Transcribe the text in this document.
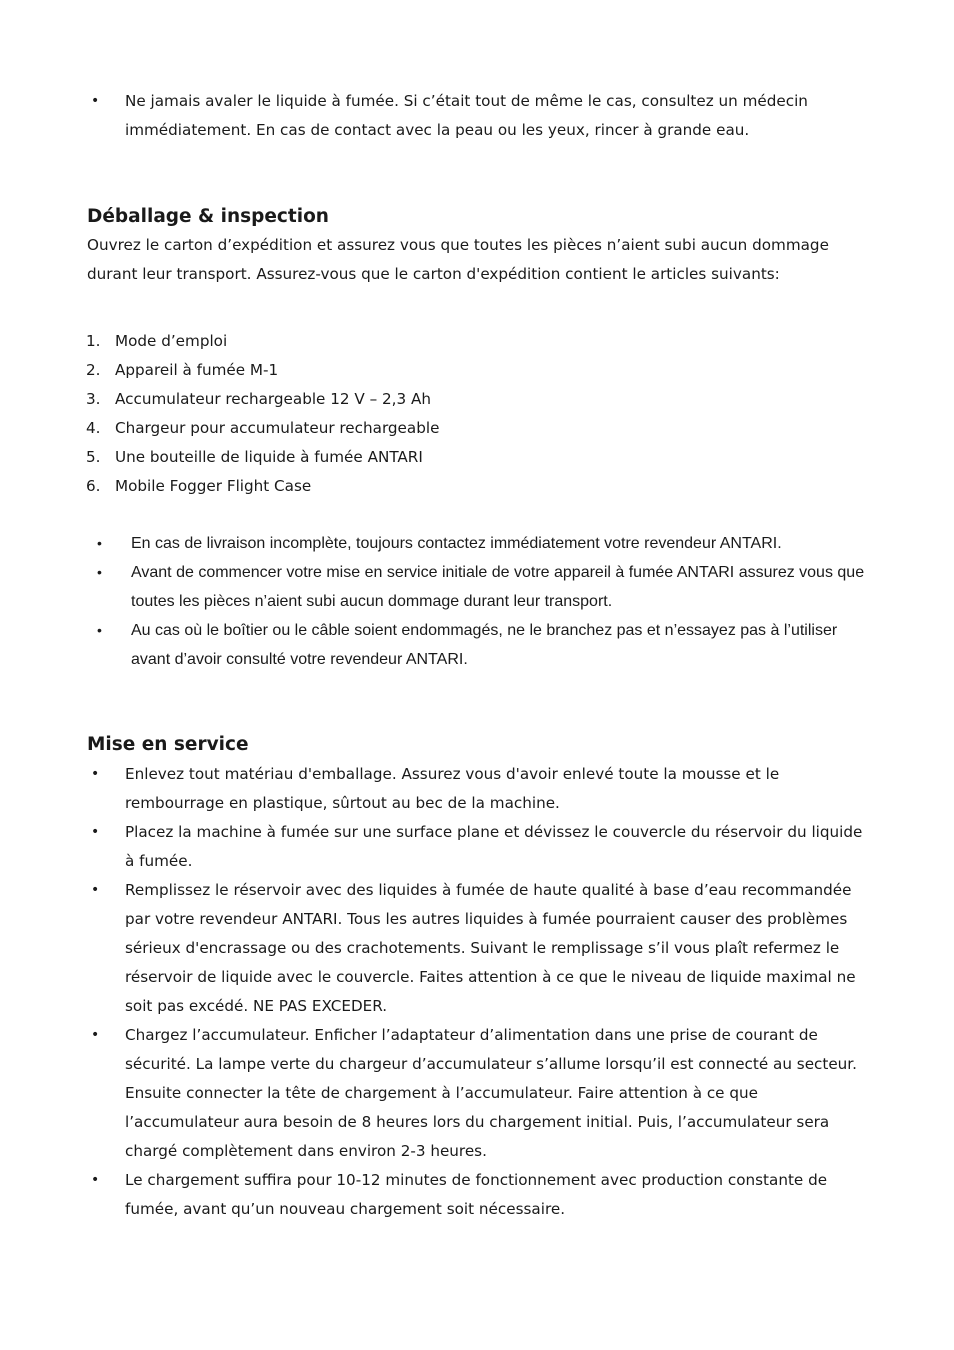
• Ne jamais avaler le liquide à fumée. Si c’était tout de même le cas, consultez un médecin immédiatement. En cas de contact avec la peau ou les yeux, rincer à grande eau.
Déballage & inspection

Ouvrez le carton d’expédition et assurez vous que toutes les pièces n’aient subi aucun dommage durant leur transport. Assurez-vous que le carton d'expédition contient le articles suivants:

1. Mode d’emploi
2. Appareil à fumée M-1
3. Accumulateur rechargeable 12 V – 2,3 Ah
4. Chargeur pour accumulateur rechargeable
5. Une bouteille de liquide à fumée ANTARI
6. Mobile Fogger Flight Case
• En cas de livraison incomplète, toujours contactez immédiatement votre revendeur ANTARI.
• Avant de commencer votre mise en service initiale de votre appareil à fumée ANTARI assurez vous que toutes les pièces n’aient subi aucun dommage durant leur transport.
• Au cas où le boîtier ou le câble soient endommagés, ne le branchez pas et n’essayez pas à l’utiliser avant d’avoir consulté votre revendeur ANTARI.
Mise en service
• Enlevez tout matériau d'emballage. Assurez vous d'avoir enlevé toute la mousse et le rembourrage en plastique, sûrtout au bec de la machine.
• Placez la machine à fumée sur une surface plane et dévissez le couvercle du réservoir du liquide à fumée.
• Remplissez le réservoir avec des liquides à fumée de haute qualité à base d’eau recommandée par votre revendeur ANTARI. Tous les autres liquides à fumée pourraient causer des problèmes sérieux d'encrassage ou des crachotements. Suivant le remplissage s’il vous plaît refermez le réservoir de liquide avec le couvercle. Faites attention à ce que le niveau de liquide maximal ne soit pas excédé. NE PAS EXCEDER.
• Chargez l’accumulateur. Enficher l’adaptateur d’alimentation dans une prise de courant de sécurité. La lampe verte du chargeur d’accumulateur s’allume lorsqu’il est connecté au secteur. Ensuite connecter la tête de chargement à l’accumulateur. Faire attention à ce que l’accumulateur aura besoin de 8 heures lors du chargement initial. Puis, l’accumulateur sera chargé complètement dans environ 2-3 heures.
• Le chargement suffira pour 10-12 minutes de fonctionnement avec production constante de fumée, avant qu’un nouveau chargement soit nécessaire.
